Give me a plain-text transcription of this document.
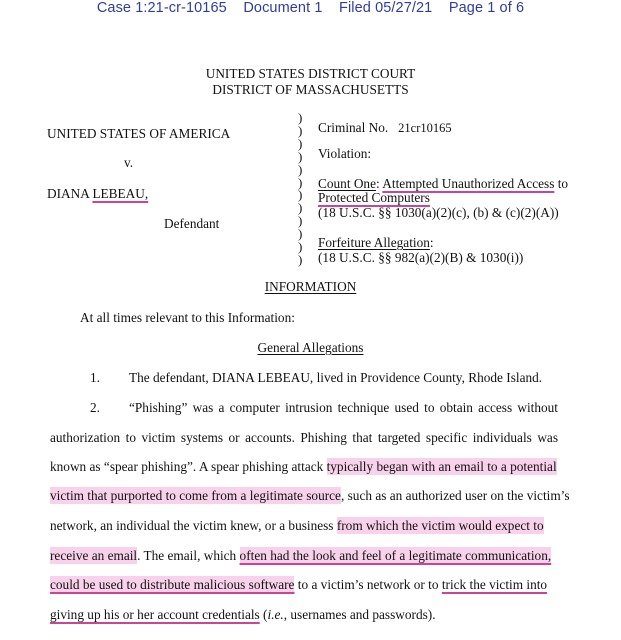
Case 1:21-cr-10165 Document 1 Filed 05/27/21 Page 1 of 6
UNITED STATES DISTRICT COURT
DISTRICT OF MASSACHUSETTS
UNITED STATES OF AMERICA
v.
DIANA LEBEAU,
Defendant
)
)
)
)
)
)
)
)
)
)
)
)
Criminal No. 21cr10165
Violation:
Count One: Attempted Unauthorized Access to
Protected Computers
(18 U.S.C. §§ 1030(a)(2)(c), (b) & (c)(2)(A))
Forfeiture Allegation:
(18 U.S.C. §§ 982(a)(2)(B) & 1030(i))
INFORMATION
At all times relevant to this Information:
General Allegations
1. The defendant, DIANA LEBEAU, lived in Providence County, Rhode Island.
2. “Phishing” was a computer intrusion technique used to obtain access without
authorization to victim systems or accounts. Phishing that targeted specific individuals was
known as “spear phishing”. A spear phishing attack typically began with an email to a potential
victim that purported to come from a legitimate source, such as an authorized user on the victim’s
network, an individual the victim knew, or a business from which the victim would expect to
receive an email. The email, which often had the look and feel of a legitimate communication,
could be used to distribute malicious software to a victim’s network or to trick the victim into
giving up his or her account credentials (i.e., usernames and passwords).
